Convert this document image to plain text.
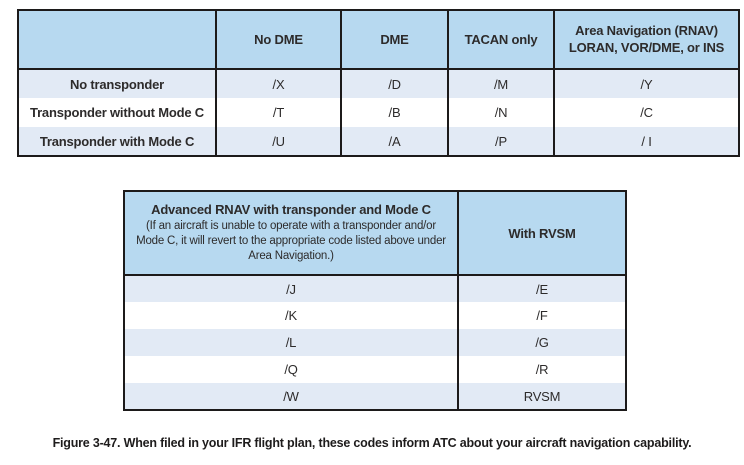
	No DME	DME	TACAN only	Area Navigation (RNAV)
LORAN, VOR/DME, or INS

No transponder	/X	/D	/M	/Y
Transponder without Mode C	/T	/B	/N	/C
Transponder with Mode C	/U	/A	/P	/ I
Advanced RNAV with transponder and Mode C
(If an aircraft is unable to operate with a transponder and/or Mode C, it will revert to the appropriate code listed above under Area Navigation.)	With RVSM
/J	/E
/K	/F
/L	/G
/Q	/R
/W	RVSM
Figure 3-47. When filed in your IFR flight plan, these codes inform ATC about your aircraft navigation capability.
